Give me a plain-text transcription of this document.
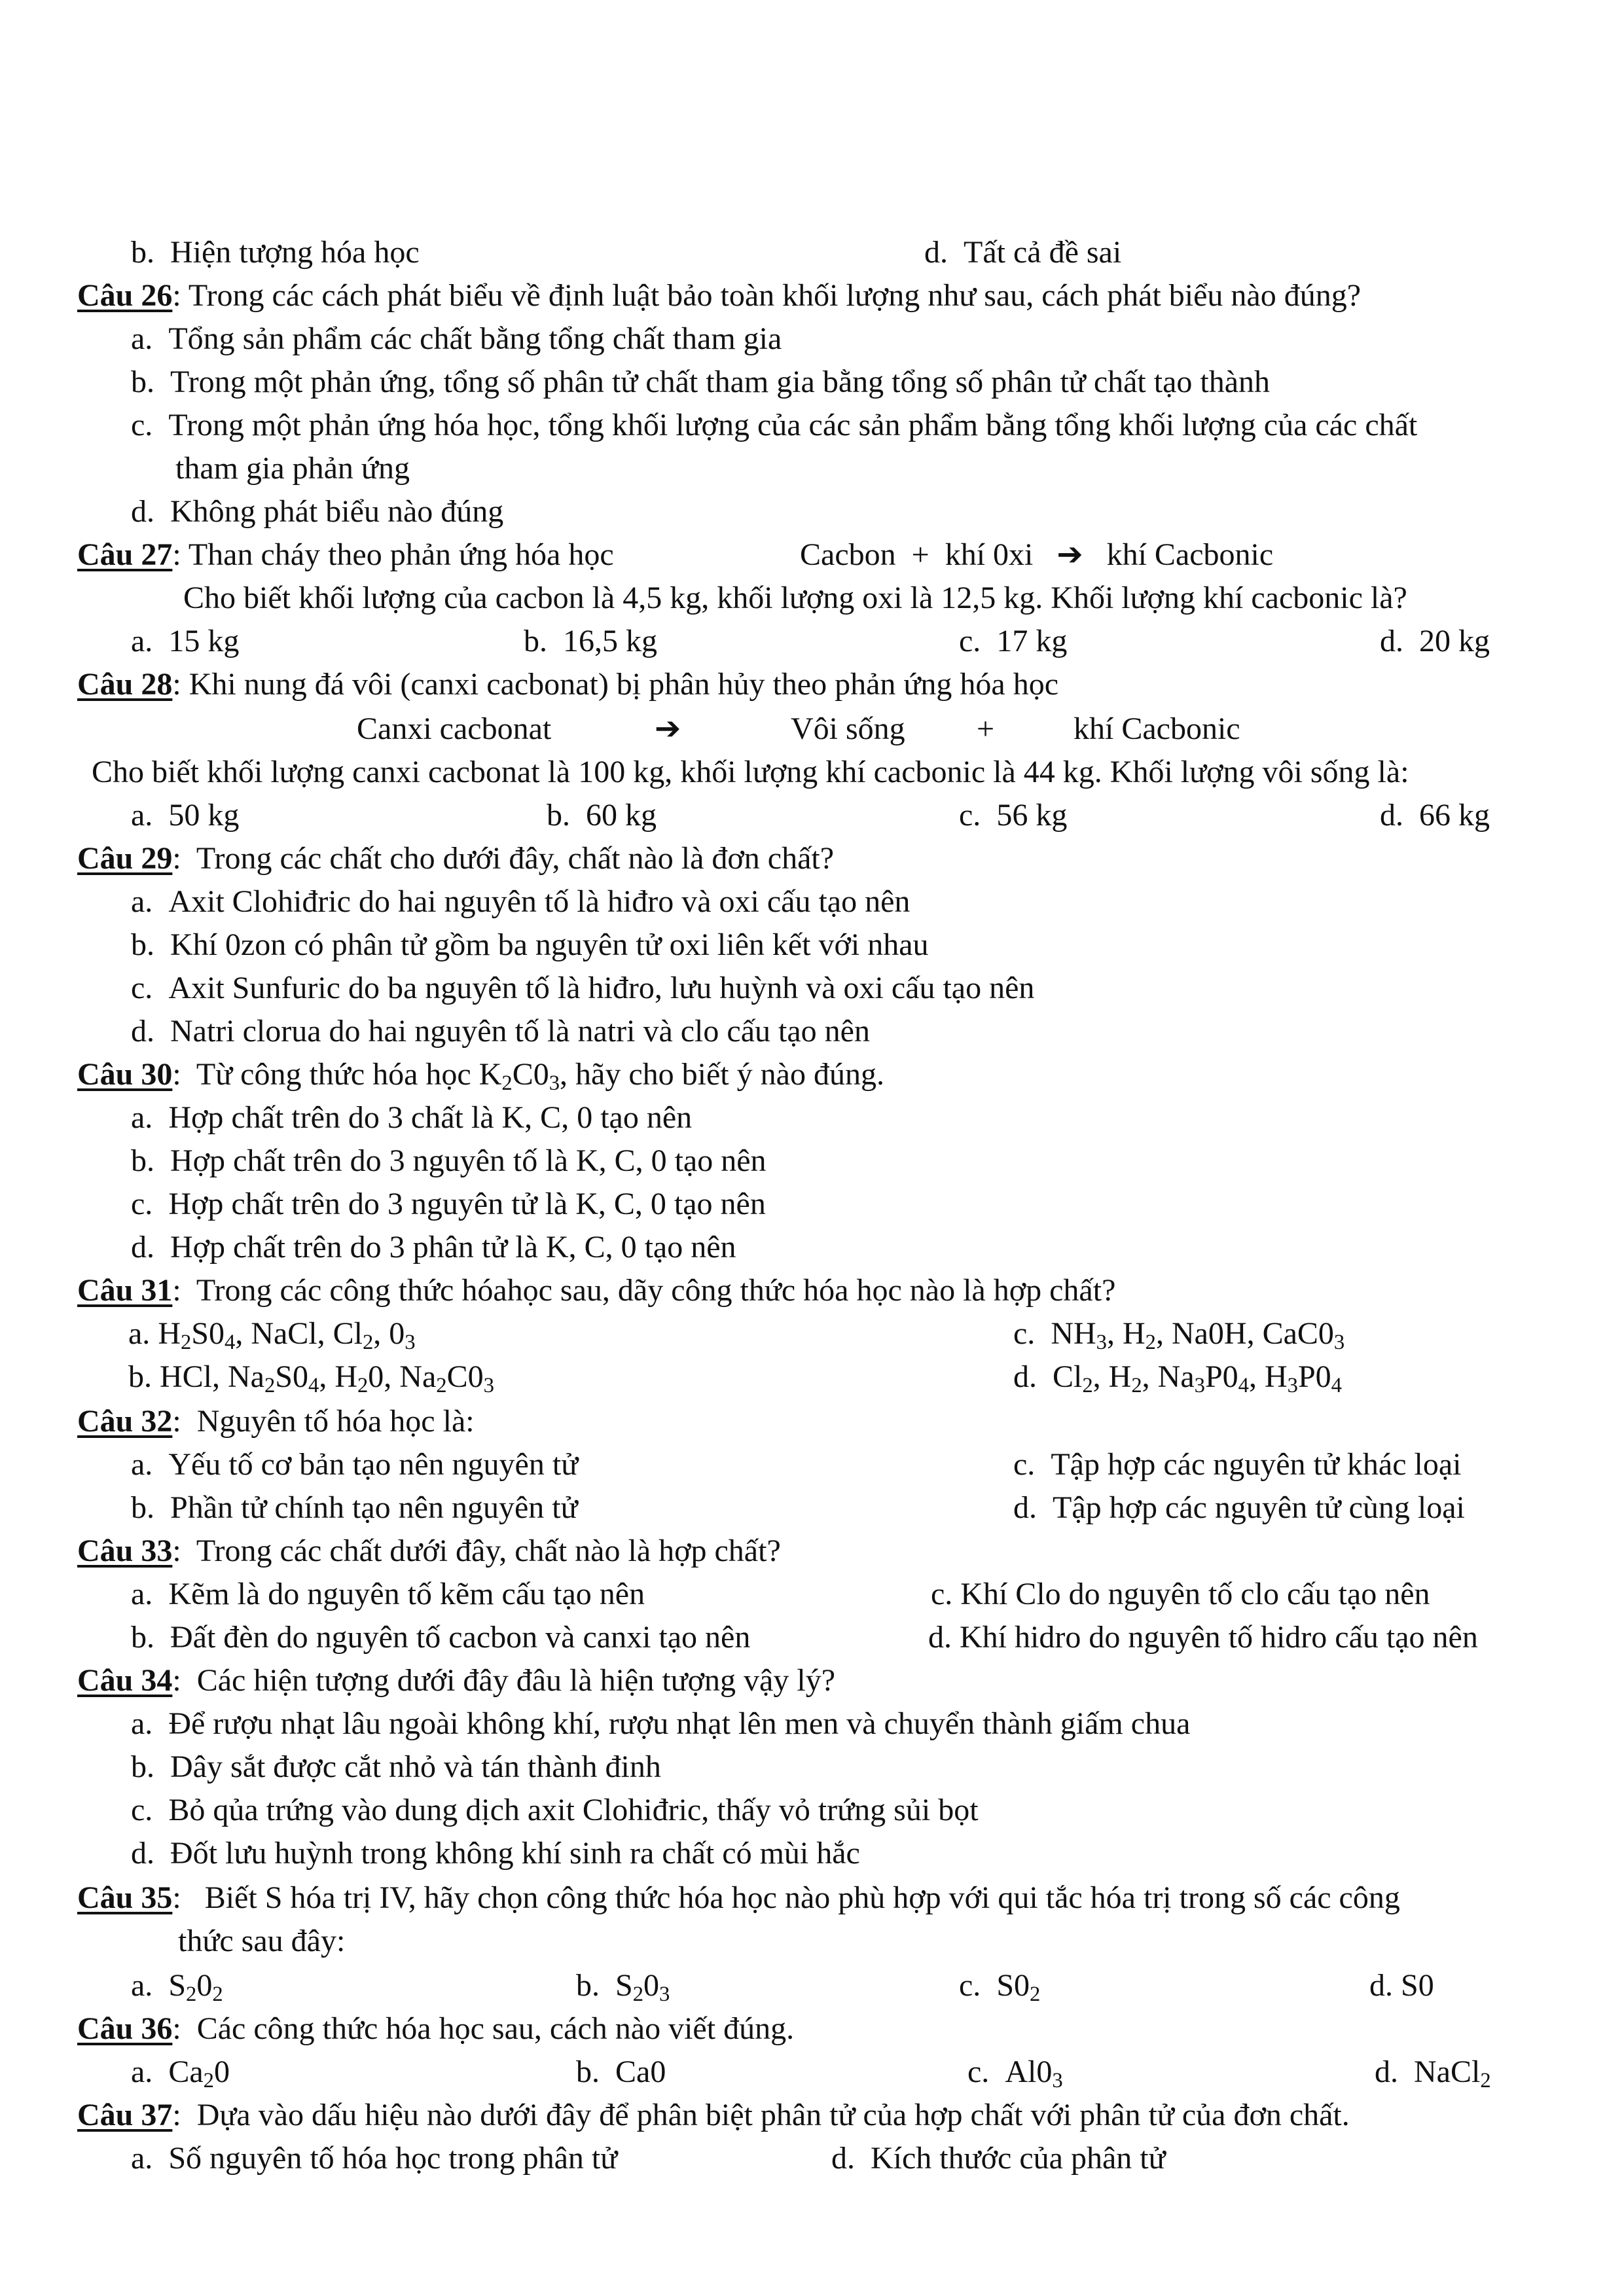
b. Hiện tượng hóa học	d. Tất cả đề sai
Câu 26: Trong các cách phát biểu về định luật bảo toàn khối lượng như sau, cách phát biểu nào đúng?
a. Tổng sản phẩm các chất bằng tổng chất tham gia
b. Trong một phản ứng, tổng số phân tử chất tham gia bằng tổng số phân tử chất tạo thành
c. Trong một phản ứng hóa học, tổng khối lượng của các sản phẩm bằng tổng khối lượng của các chất
tham gia phản ứng
d. Không phát biểu nào đúng
Câu 27: Than cháy theo phản ứng hóa học	Cacbon  +  khí 0xi ➔ khí Cacbonic
Cho biết khối lượng của cacbon là 4,5 kg, khối lượng oxi là 12,5 kg. Khối lượng khí cacbonic là?
a. 15 kg	b. 16,5 kg	c. 17 kg	d. 20 kg
Câu 28: Khi nung đá vôi (canxi cacbonat) bị phân hủy theo phản ứng hóa học
Canxi cacbonat	➔	Vôi sống +	khí Cacbonic
Cho biết khối lượng canxi cacbonat là 100 kg, khối lượng khí cacbonic là 44 kg. Khối lượng vôi sống là:
a. 50 kg	b. 60 kg	c. 56 kg	d. 66 kg
Câu 29:  Trong các chất cho dưới đây, chất nào là đơn chất?
a. Axit Clohiđric do hai nguyên tố là hiđro và oxi cấu tạo nên
b. Khí 0zon có phân tử gồm ba nguyên tử oxi liên kết với nhau
c. Axit Sunfuric do ba nguyên tố là hiđro, lưu huỳnh và oxi cấu tạo nên
d. Natri clorua do hai nguyên tố là natri và clo cấu tạo nên
Câu 30:  Từ công thức hóa học $K_2C0_3$, hãy cho biết ý nào đúng.
a. Hợp chất trên do 3 chất là K, C, 0 tạo nên
b. Hợp chất trên do 3 nguyên tố là K, C, 0 tạo nên
c. Hợp chất trên do 3 nguyên tử là K, C, 0 tạo nên
d. Hợp chất trên do 3 phân tử là K, C, 0 tạo nên
Câu 31:  Trong các công thức hóahọc sau, dãy công thức hóa học nào là hợp chất?
a. $H_2S0_4$, NaCl, $Cl_2$, $0_3$	c. $NH_3$, $H_2$, Na0H, $CaC0_3$
b. HCl, $Na_2S0_4$, $H_20$, $Na_2C0_3$	d. $Cl_2$, $H_2$, $Na_3P0_4$, $H_3P0_4$
Câu 32:  Nguyên tố hóa học là:
a. Yếu tố cơ bản tạo nên nguyên tử	c. Tập hợp các nguyên tử khác loại
b. Phần tử chính tạo nên nguyên tử	d. Tập hợp các nguyên tử cùng loại
Câu 33:  Trong các chất dưới đây, chất nào là hợp chất?
a. Kẽm là do nguyên tố kẽm cấu tạo nên	c. Khí Clo do nguyên tố clo cấu tạo nên
b. Đất đèn do nguyên tố cacbon và canxi tạo nên	d. Khí hidro do nguyên tố hidro cấu tạo nên
Câu 34:  Các hiện tượng dưới đây đâu là hiện tượng vậy lý?
a. Để rượu nhạt lâu ngoài không khí, rượu nhạt lên men và chuyển thành giấm chua
b. Dây sắt được cắt nhỏ và tán thành đinh
c. Bỏ qủa trứng vào dung dịch axit Clohiđric, thấy vỏ trứng sủi bọt
d. Đốt lưu huỳnh trong không khí sinh ra chất có mùi hắc
Câu 35:   Biết S hóa trị IV, hãy chọn công thức hóa học nào phù hợp với qui tắc hóa trị trong số các công
thức sau đây:
a. $S_20_2$	b. $S_20_3$	c. $S0_2$	d. S0
Câu 36:  Các công thức hóa học sau, cách nào viết đúng.
a. $Ca_20$	b. Ca0	c. $Al0_3$	d. NaCl$_2$
Câu 37:  Dựa vào dấu hiệu nào dưới đây để phân biệt phân tử của hợp chất với phân tử của đơn chất.
a. Số nguyên tố hóa học trong phân tử	d. Kích thước của phân tử
